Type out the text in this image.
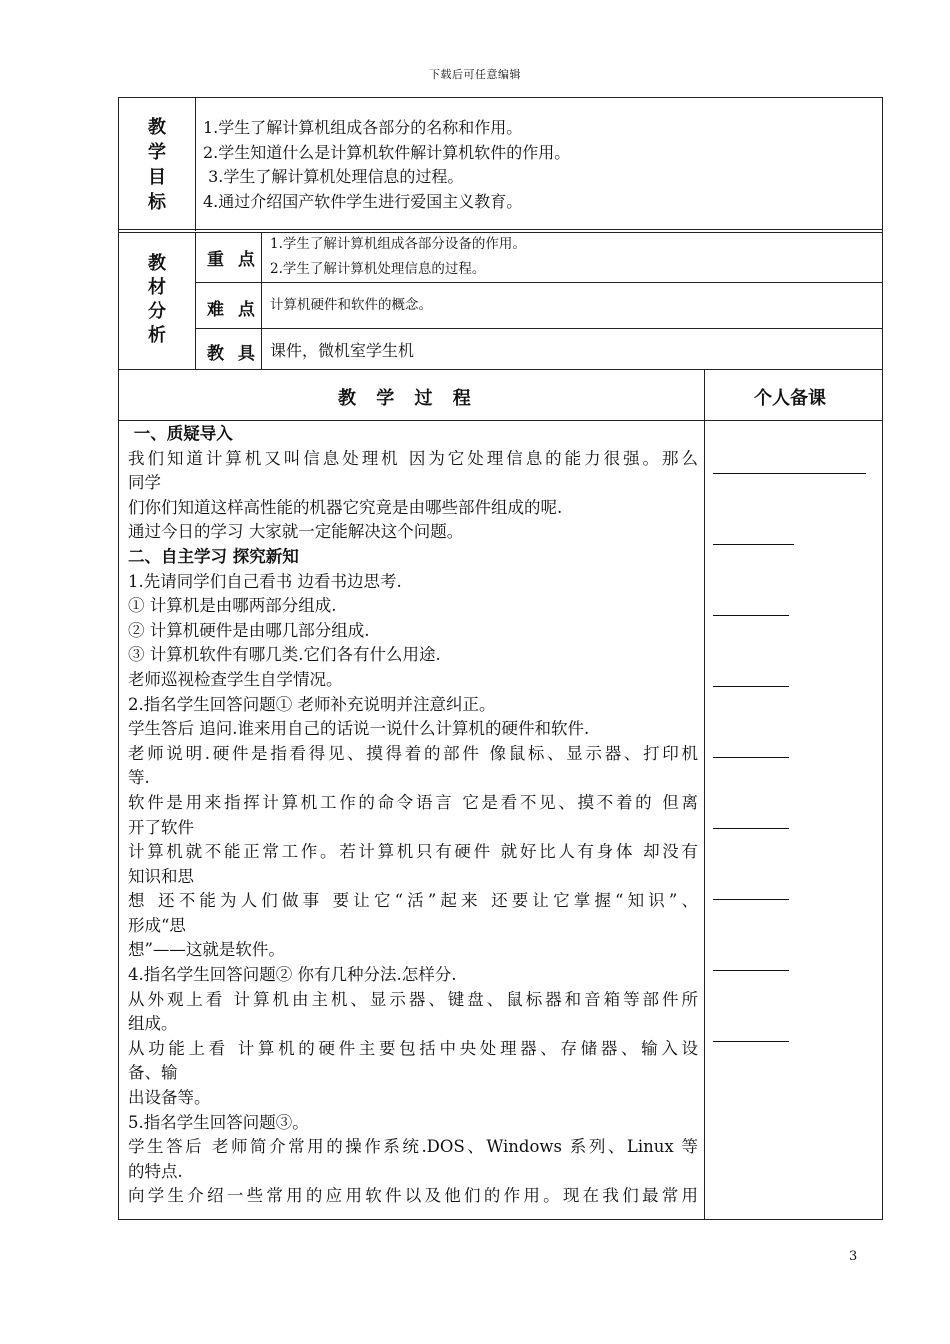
下载后可任意编辑
教
学
目
标
1.学生了解计算机组成各部分的名称和作用。
2.学生知道什么是计算机软件解计算机软件的作用。
3.学生了解计算机处理信息的过程。
4.通过介绍国产软件学生进行爱国主义教育。
教
材
分
析
重 点
1.学生了解计算机组成各部分设备的作用。
2.学生了解计算机处理信息的过程。
难 点 计算机硬件和软件的概念。
教 具 课件，微机室学生机
教 学 过 程	个人备课
一、质疑导入
我们知道计算机又叫信息处理机 因为它处理信息的能力很强。那么
同学
们你们知道这样高性能的机器它究竟是由哪些部件组成的呢.
通过今日的学习 大家就一定能解决这个问题。
二、自主学习 探究新知
1.先请同学们自己看书 边看书边思考.
① 计算机是由哪两部分组成.
② 计算机硬件是由哪几部分组成.
③ 计算机软件有哪几类.它们各有什么用途.
老师巡视检查学生自学情况。
2.指名学生回答问题① 老师补充说明并注意纠正。
学生答后 追问.谁来用自己的话说一说什么计算机的硬件和软件.
老师说明.硬件是指看得见、摸得着的部件 像鼠标、显示器、打印机
等.
软件是用来指挥计算机工作的命令语言 它是看不见、摸不着的 但离
开了软件
计算机就不能正常工作。若计算机只有硬件 就好比人有身体 却没有
知识和思
想 还不能为人们做事 要让它“活”起来 还要让它掌握“知识”、
形成“思
想”——这就是软件。
4.指名学生回答问题② 你有几种分法.怎样分.
从外观上看 计算机由主机、显示器、键盘、鼠标器和音箱等部件所
组成。
从功能上看 计算机的硬件主要包括中央处理器、存储器、输入设
备、输
出设备等。
5.指名学生回答问题③。
学生答后 老师简介常用的操作系统.DOS、Windows 系列、Linux 等
的特点.
向学生介绍一些常用的应用软件以及他们的作用。现在我们最常用
3
